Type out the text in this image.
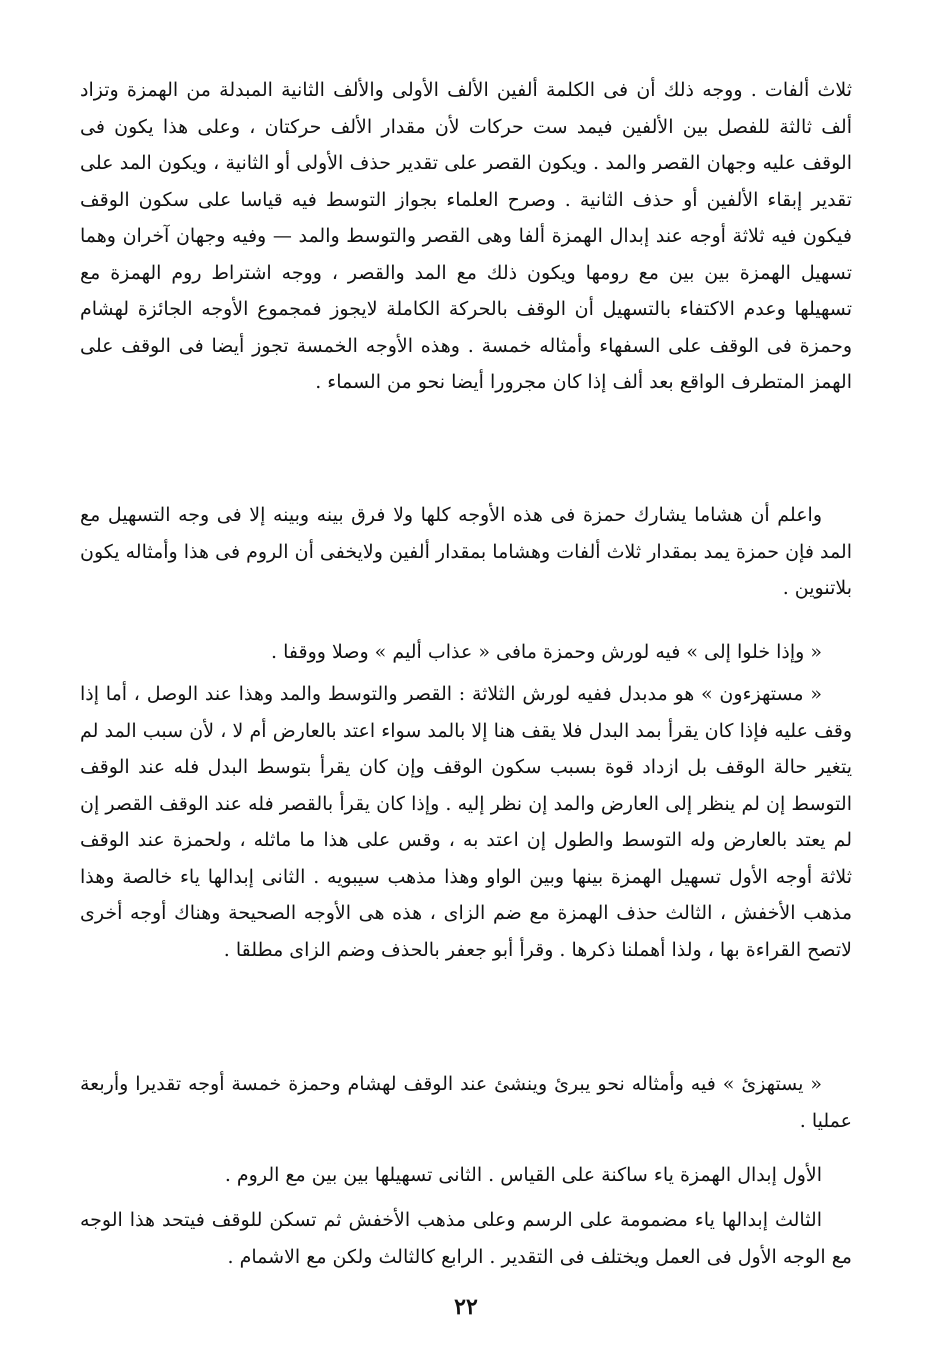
ثلاث ألفات . ووجه ذلك أن فى الكلمة ألفين الألف الأولى والألف الثانية المبدلة من الهمزة وتزاد ألف ثالثة للفصل بين الألفين فيمد ست حركات لأن مقدار الألف حركتان ، وعلى هذا يكون فى الوقف عليه وجهان القصر والمد . ويكون القصر على تقدير حذف الأولى أو الثانية ، ويكون المد على تقدير إبقاء الألفين أو حذف الثانية . وصرح العلماء بجواز التوسط فيه قياسا على سكون الوقف فيكون فيه ثلاثة أوجه عند إبدال الهمزة ألفا وهى القصر والتوسط والمد — وفيه وجهان آخران وهما تسهيل الهمزة بين بين مع رومها ويكون ذلك مع المد والقصر ، ووجه اشتراط روم الهمزة مع تسهيلها وعدم الاكتفاء بالتسهيل أن الوقف بالحركة الكاملة لايجوز فمجموع الأوجه الجائزة لهشام وحمزة فى الوقف على السفهاء وأمثاله خمسة . وهذه الأوجه الخمسة تجوز أيضا فى الوقف على الهمز المتطرف الواقع بعد ألف إذا كان مجرورا أيضا نحو من السماء .

واعلم أن هشاما يشارك حمزة فى هذه الأوجه كلها ولا فرق بينه وبينه إلا فى وجه التسهيل مع المد فإن حمزة يمد بمقدار ثلاث ألفات وهشاما بمقدار ألفين ولايخفى أن الروم فى هذا وأمثاله يكون بلاتنوين .

« وإذا خلوا إلى » فيه لورش وحمزة مافى « عذاب أليم » وصلا ووقفا .

« مستهزءون » هو مدبدل ففيه لورش الثلاثة : القصر والتوسط والمد وهذا عند الوصل ، أما إذا وقف عليه فإذا كان يقرأ بمد البدل فلا يقف هنا إلا بالمد سواء اعتد بالعارض أم لا ، لأن سبب المد لم يتغير حالة الوقف بل ازداد قوة بسبب سكون الوقف وإن كان يقرأ بتوسط البدل فله عند الوقف التوسط إن لم ينظر إلى العارض والمد إن نظر إليه . وإذا كان يقرأ بالقصر فله عند الوقف القصر إن لم يعتد بالعارض وله التوسط والطول إن اعتد به ، وقس على هذا ما ماثله ، ولحمزة عند الوقف ثلاثة أوجه الأول تسهيل الهمزة بينها وبين الواو وهذا مذهب سيبويه . الثانى إبدالها ياء خالصة وهذا مذهب الأخفش ، الثالث حذف الهمزة مع ضم الزاى ، هذه هى الأوجه الصحيحة وهناك أوجه أخرى لاتصح القراءة بها ، ولذا أهملنا ذكرها . وقرأ أبو جعفر بالحذف وضم الزاى مطلقا .

« يستهزئ » فيه وأمثاله نحو يبرئ وينشئ عند الوقف لهشام وحمزة خمسة أوجه تقديرا وأربعة عمليا .

الأول إبدال الهمزة ياء ساكنة على القياس . الثانى تسهيلها بين بين مع الروم .

الثالث إبدالها ياء مضمومة على الرسم وعلى مذهب الأخفش ثم تسكن للوقف فيتحد هذا الوجه مع الوجه الأول فى العمل ويختلف فى التقدير . الرابع كالثالث ولكن مع الاشمام .

٢٢
